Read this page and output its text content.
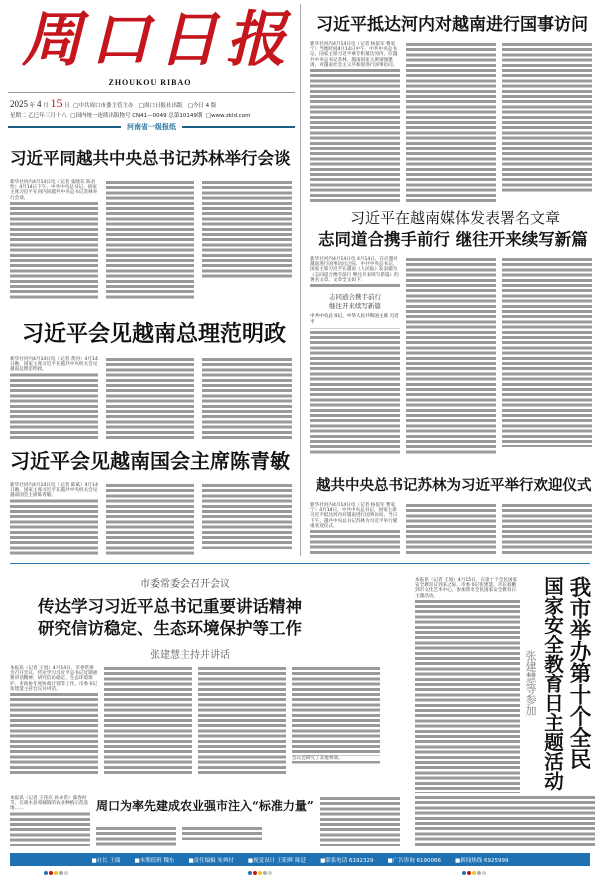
周口日报
ZHOUKOU RIBAO
2025 年 4 月 15 日 □中共周口市委主管主办 □周口日报社出版 □今日 4 版
星期二 乙巳年三月十八 □国内统一连续出版物号 CN41—0049 总第10149期 □www.zkld.com
河南省一级报纸
习近平同越共中央总书记苏林举行会谈
新华社河内4月14日电（记者 张晓东 陈君怡）4月14日下午，中共中央总书记、国家主席习近平在河内同越共中央总书记苏林举行会谈。
习近平会见越南总理范明政
新华社河内4月14日电（记者 黄河）4月14日晚，国家主席习近平在越共中央机关会见越南总理范明政。
习近平会见越南国会主席陈青敏
新华社河内4月14日电（记者 陈斌）4月14日晚，国家主席习近平在越共中央机关会见越南国会主席陈青敏。
习近平抵达河内对越南进行国事访问
新华社河内4月14日电（记者 杨依军 曹家宁）当地时间4月14日中午，中共中央总书记、国家主席习近平乘专机抵达河内，应越共中央总书记苏林、越南国家主席梁强邀请，对越南社会主义共和国进行国事访问。
习近平在越南媒体发表署名文章
志同道合携手前行 继往开来续写新篇
新华社河内4月14日电 4月14日，在应邀对越南进行国事访问之际，中共中央总书记、国家主席习近平在越南《人民报》发表题为《志同道合携手前行 继往开来续写新篇》的署名文章。文章全文如下：
志同道合携手前行
继往开来续写新篇
中共中央总书记、中华人民共和国主席 习近平
越共中央总书记苏林为习近平举行欢迎仪式
新华社河内4月14日电（记者 杨依军 曹家宁）4月14日，中共中央总书记、国家主席习近平抵达河内对越南进行国事访问，当日下午，越共中央总书记苏林为习近平举行隆重欢迎仪式。
市委常委会召开会议
传达学习习近平总书记重要讲话精神
研究信访稳定、生态环境保护等工作
张建慧主持并讲话
本报讯（记者 王旭）4月14日，市委常委会召开会议，传达学习习近平总书记近期重要讲话精神，研究信访稳定、生态环境保护、市政协年度协商计划等工作。市委书记张建慧主持会议并讲话。
会议还研究了其他事项。
本报讯（记者 王伟宾 孙永常）暮春时节，在商水县邓城镇的农业种植示范基地……	周口为率先建成农业强市注入“标准力量”
本报讯（记者 王旭）4月15日，在第十个全民国家安全教育日到来之际，市委书记张建慧，市长翁鹏到市文化艺术中心，参加我市全民国家安全教育日主题活动。
张建慧等参加 我市举办第十个全民
国家安全教育日主题活动
■社长 王储	■本期值班 魏东	■责任编辑 朱典付	■视觉设计 王阳辉 陈廷	■联系电话 6192329	■广告咨询 6190066	■新闻热线 6925999
